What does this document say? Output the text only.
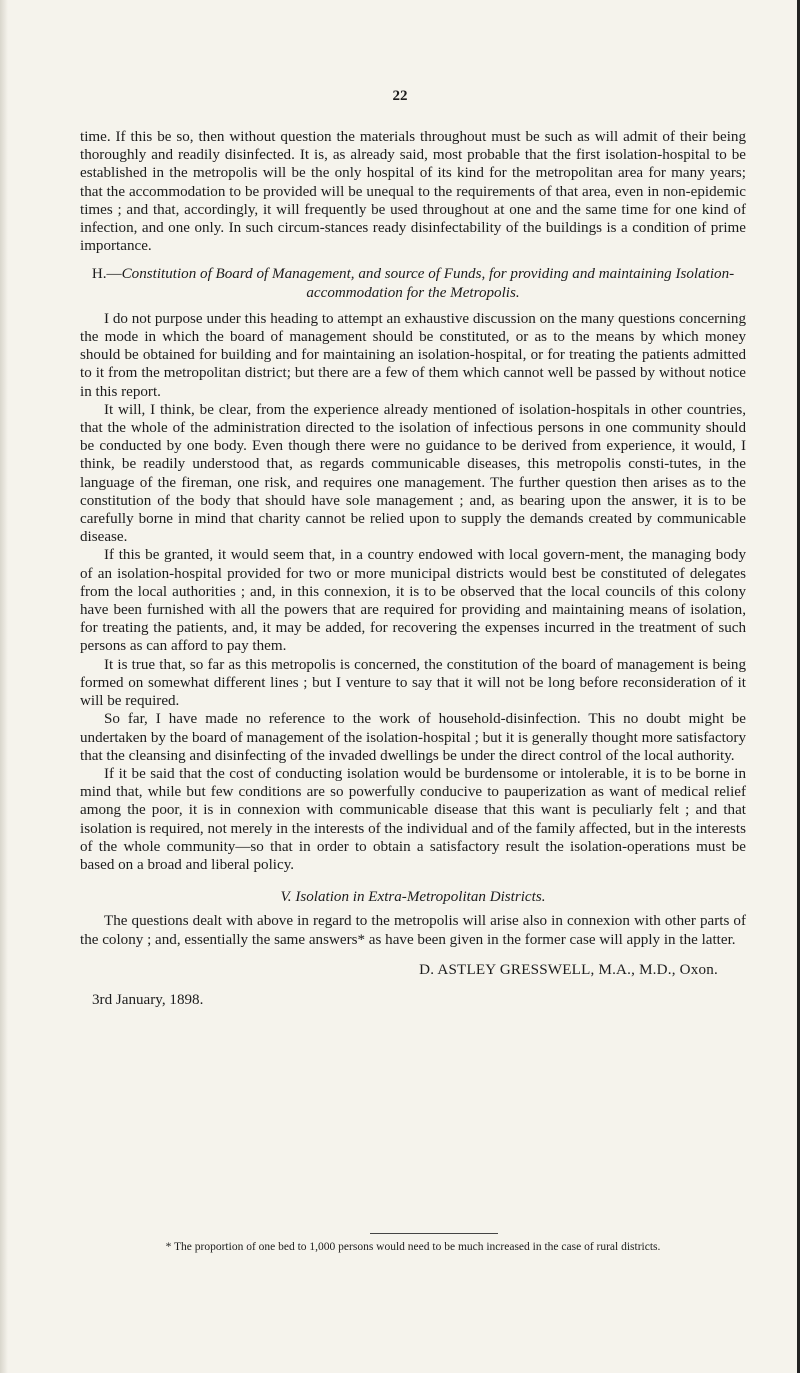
22

time. If this be so, then without question the materials throughout must be such as will admit of their being thoroughly and readily disinfected. It is, as already said, most probable that the first isolation-hospital to be established in the metropolis will be the only hospital of its kind for the metropolitan area for many years; that the accommodation to be provided will be unequal to the requirements of that area, even in non-epidemic times ; and that, accordingly, it will frequently be used throughout at one and the same time for one kind of infection, and one only. In such circum-stances ready disinfectability of the buildings is a condition of prime importance.

H.—Constitution of Board of Management, and source of Funds, for providing and maintaining Isolation-accommodation for the Metropolis.

I do not purpose under this heading to attempt an exhaustive discussion on the many questions concerning the mode in which the board of management should be constituted, or as to the means by which money should be obtained for building and for maintaining an isolation-hospital, or for treating the patients admitted to it from the metropolitan district; but there are a few of them which cannot well be passed by without notice in this report.

It will, I think, be clear, from the experience already mentioned of isolation-hospitals in other countries, that the whole of the administration directed to the isolation of infectious persons in one community should be conducted by one body. Even though there were no guidance to be derived from experience, it would, I think, be readily understood that, as regards communicable diseases, this metropolis consti-tutes, in the language of the fireman, one risk, and requires one management. The further question then arises as to the constitution of the body that should have sole management ; and, as bearing upon the answer, it is to be carefully borne in mind that charity cannot be relied upon to supply the demands created by communicable disease.

If this be granted, it would seem that, in a country endowed with local govern-ment, the managing body of an isolation-hospital provided for two or more municipal districts would best be constituted of delegates from the local authorities ; and, in this connexion, it is to be observed that the local councils of this colony have been furnished with all the powers that are required for providing and maintaining means of isolation, for treating the patients, and, it may be added, for recovering the expenses incurred in the treatment of such persons as can afford to pay them.

It is true that, so far as this metropolis is concerned, the constitution of the board of management is being formed on somewhat different lines ; but I venture to say that it will not be long before reconsideration of it will be required.

So far, I have made no reference to the work of household-disinfection. This no doubt might be undertaken by the board of management of the isolation-hospital ; but it is generally thought more satisfactory that the cleansing and disinfecting of the invaded dwellings be under the direct control of the local authority.

If it be said that the cost of conducting isolation would be burdensome or intolerable, it is to be borne in mind that, while but few conditions are so powerfully conducive to pauperization as want of medical relief among the poor, it is in connexion with communicable disease that this want is peculiarly felt ; and that isolation is required, not merely in the interests of the individual and of the family affected, but in the interests of the whole community—so that in order to obtain a satisfactory result the isolation-operations must be based on a broad and liberal policy.

V. Isolation in Extra-Metropolitan Districts.

The questions dealt with above in regard to the metropolis will arise also in connexion with other parts of the colony ; and, essentially the same answers* as have been given in the former case will apply in the latter.

D. ASTLEY GRESSWELL, M.A., M.D., Oxon.
3rd January, 1898.
* The proportion of one bed to 1,000 persons would need to be much increased in the case of rural districts.
